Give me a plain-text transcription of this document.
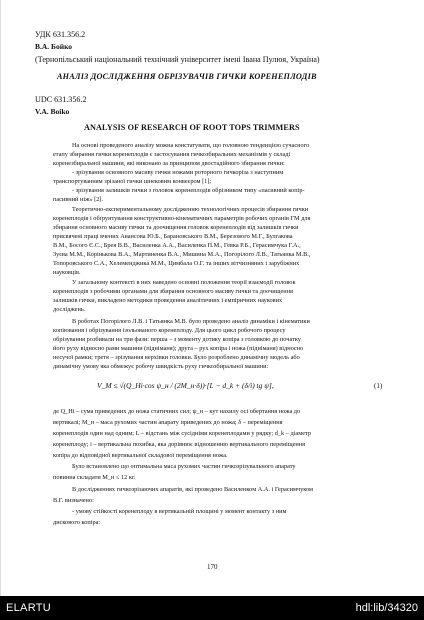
УДК 631.356.2
В.А. Бойко
(Тернопільський національний технічний університет імені Івана Пулюя, Україна)
АНАЛІЗ ДОСЛІДЖЕННЯ ОБРІЗУВАЧІВ ГИЧКИ КОРЕНЕПЛОДІВ
UDC 631.356.2
V.A. Boiko
ANALYSIS OF RESEARCH OF ROOT TOPS TRIMMERS
На основі проведеного аналізу можна констатувати, що головною тенденцією сучасного
етапу збирання гички коренеплодів є застосування гичкозбиральних механізмів у складі
коренезбиральної машини, які виконано за принципом двостадійного збирання гички:
- зрізування основного масиву гички ножами роторного гичкоріза з наступним
транспортуванням зрізаної гички шнековим конвеєром [1];
- зрізування залишків гички з головок коренеплодів обрізником типу «пасивний копір-
пасивний ніж» [2].
Теоретично-експериментальному дослідженню технологічних процесів збирання гички
коренеплодів і обґрунтування конструктивно-кінематичних параметрів робочих органів ГМ для
збирання основного масиву гички та доочищення головок коренеплодів від залишків гички
присвячені праці вчених Авансова Ю.Б., Барановського В.М., Березового М.Г., Булгакова
В.М., Босого Є.С., Брея В.В., Василенка А.А., Василенка П.М., Гевка Р.Б., Герасимчука Г.А.,
Зуєва М.М., Корінькова В.А., Мартиненка В.А., Мишина М.А., Погорілого Л.В., Татьянка М.В.,
Топоровського С.А., Хелеменджика М.М., Цимбала О.Г. та інших вітчизняних і зарубіжних
науковців.
У загальному контексті в них наведено основні положення теорії взаємодії головок
коренеплодів з робочими органами для збирання основного масиву гички та доочищення
залишків гички, викладено методики проведення аналітичних і емпіричних наукових
досліджень.
В роботах Погорілого Л.В. і Татьянка М.В. було проведено аналіз динаміки і кінематики
копіювання і обрізування ізольованого коренеплоду. Для цього цикл робочого процесу
обрізування розбивали на три фази: перша – з моменту дотику копіра з головкою до початку
його руху відносно рами машини (підніманя); друга – рух копіра і ножа (підніманя) відносно
несучої рамки; третя – зрізування верхівки головки. Було розроблено динамічну модель або
динамічну умову яка обмежує робочу швидкість руху гичкозбиральної машини:
V_M ≤ √(Q_Hi·cos ψ_н / (2M_н·δ))·[L − d_k + (δ/i) tg ψ],	(1)
де Q_Hi – сума приведених до ножа статичних сил; ψ_н – кут нахилу осі обертання ножа до
вертикалі; M_н – маса рухомих частин апарату приведених до ножа; δ – переміщення
коренеплодів один над одним; L – відстань між сусідніми коренеплодами у рядку; d_k – діаметр
коренеплоду; i – вертикальна похибка, яка дорівнює відношенню вертикального переміщення
копіра до відповідної вертикальної складової переміщення ножа.
Було встановлено що оптимальна маса рухомих частин гичкозрізувального апарату
повинна складати M_н ≤ 12 кг.
В дослідженнях гичкозрізаючих апаратів, які проведено Василенком А.А. і Герасимчуком
В.Г. визначено:
- умову стійкості коренеплоду в вертикальній площині у момент контакту з ним
дискового копіра:
170
ELARTU	hdl:lib/34320
